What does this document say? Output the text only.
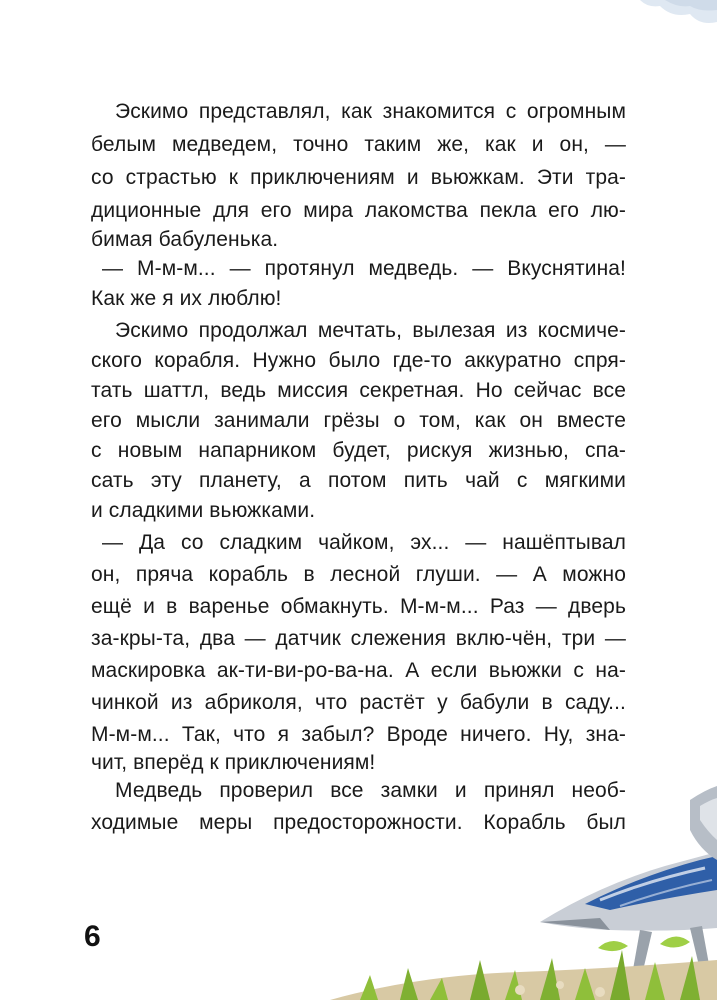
Эскимо представлял, как знакомится с огромным
белым медведем, точно таким же, как и он, —
со страстью к приключениям и вьюжкам. Эти тра-
диционные для его мира лакомства пекла его лю-
бимая бабуленька.
— М-м-м... — протянул медведь. — Вкуснятина!
Как же я их люблю!
Эскимо продолжал мечтать, вылезая из космиче-
ского корабля. Нужно было где-то аккуратно спря-
тать шаттл, ведь миссия секретная. Но сейчас все
его мысли занимали грёзы о том, как он вместе
с новым напарником будет, рискуя жизнью, спа-
сать эту планету, а потом пить чай с мягкими
и сладкими вьюжками.
— Да со сладким чайком, эх... — нашёптывал
он, пряча корабль в лесной глуши. — А можно
ещё и в варенье обмакнуть. М-м-м... Раз — дверь
за-кры-та, два — датчик слежения вклю-чён, три —
маскировка ак-ти-ви-ро-ва-на. А если вьюжки с на-
чинкой из абриколя, что растёт у бабули в саду...
М-м-м... Так, что я забыл? Вроде ничего. Ну, зна-
чит, вперёд к приключениям!
Медведь проверил все замки и принял необ-
ходимые меры предосторожности. Корабль был
6
